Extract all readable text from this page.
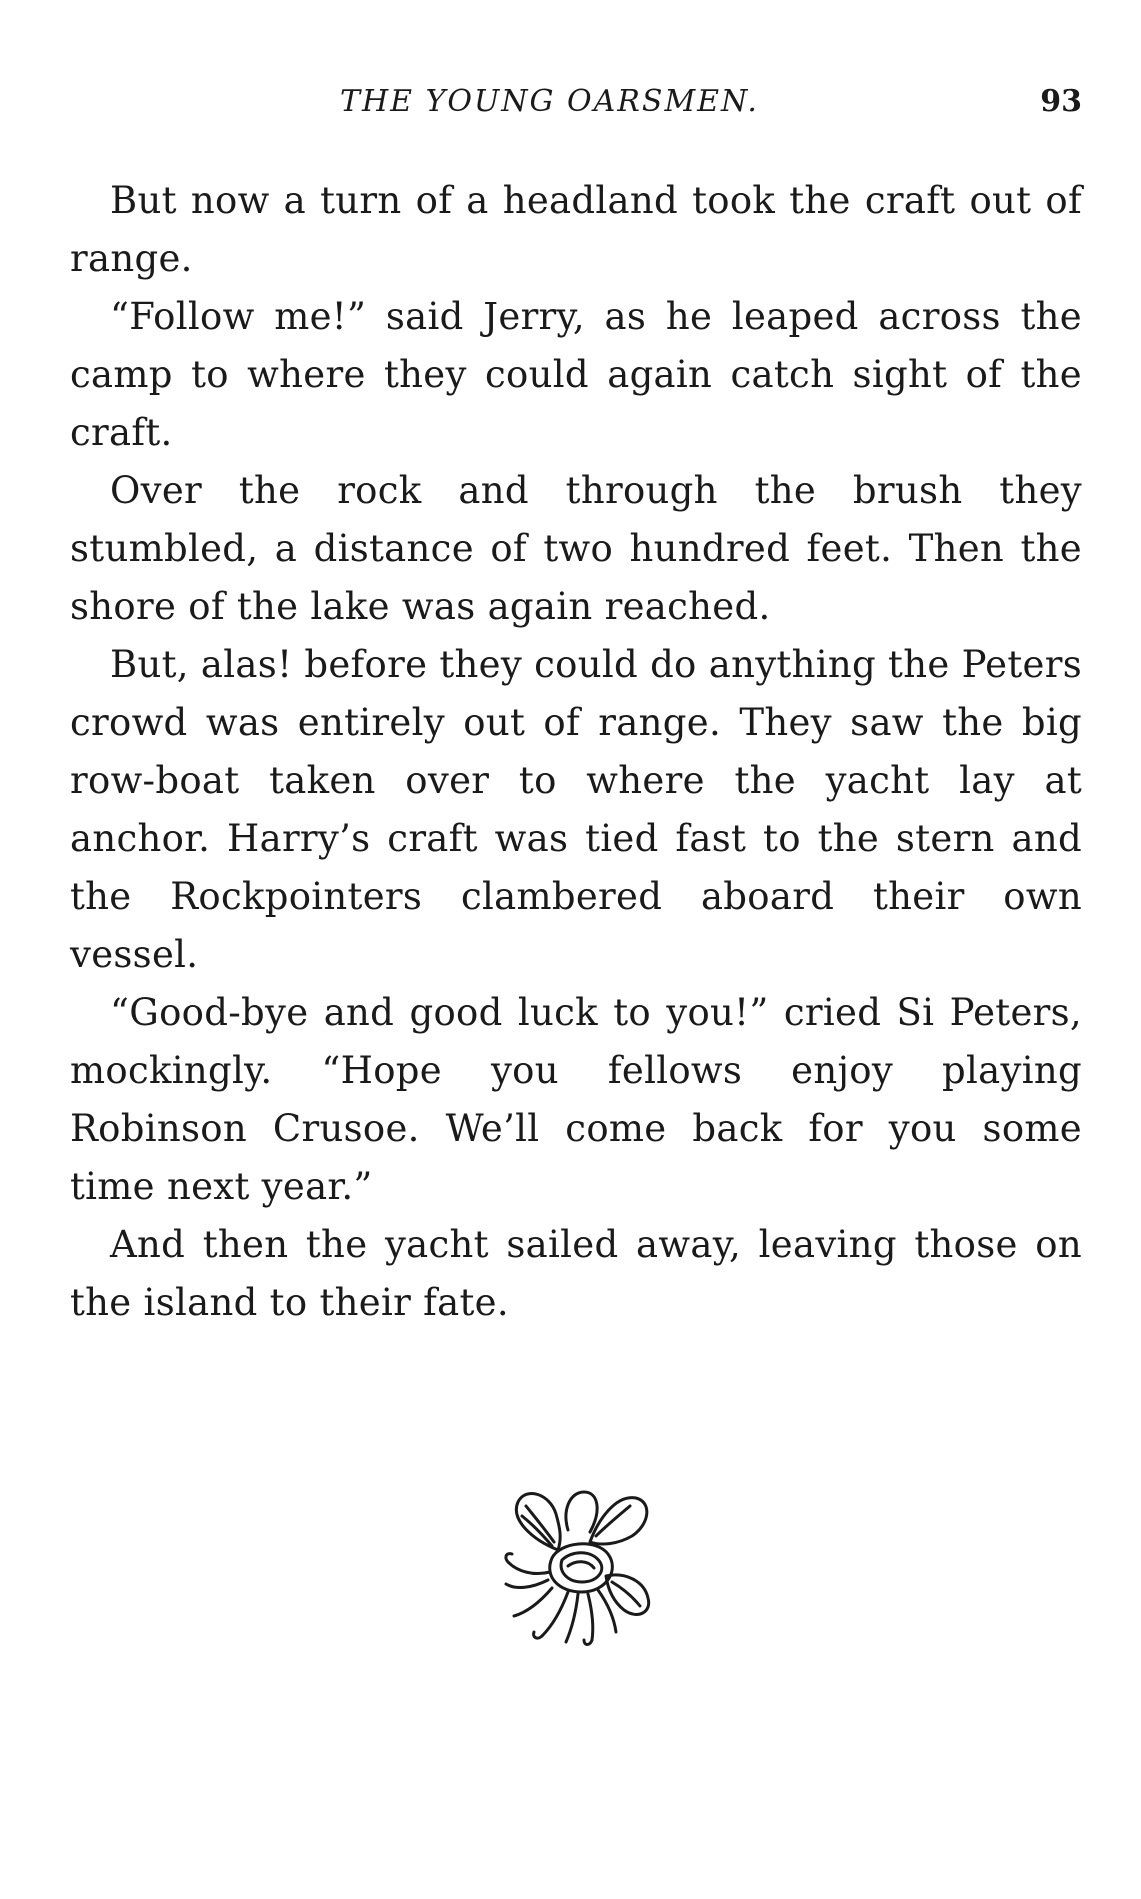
THE YOUNG OARSMEN.	93

But now a turn of a headland took the craft out of range.

“Follow me!” said Jerry, as he leaped across the camp to where they could again catch sight of the craft.

Over the rock and through the brush they stumbled, a distance of two hundred feet. Then the shore of the lake was again reached.

But, alas! before they could do anything the Peters crowd was entirely out of range. They saw the big row-boat taken over to where the yacht lay at anchor. Harry’s craft was tied fast to the stern and the Rockpointers clambered aboard their own vessel.

“Good-bye and good luck to you!” cried Si Peters, mockingly. “Hope you fellows enjoy playing Robinson Crusoe. We’ll come back for you some time next year.”

And then the yacht sailed away, leaving those on the island to their fate.
